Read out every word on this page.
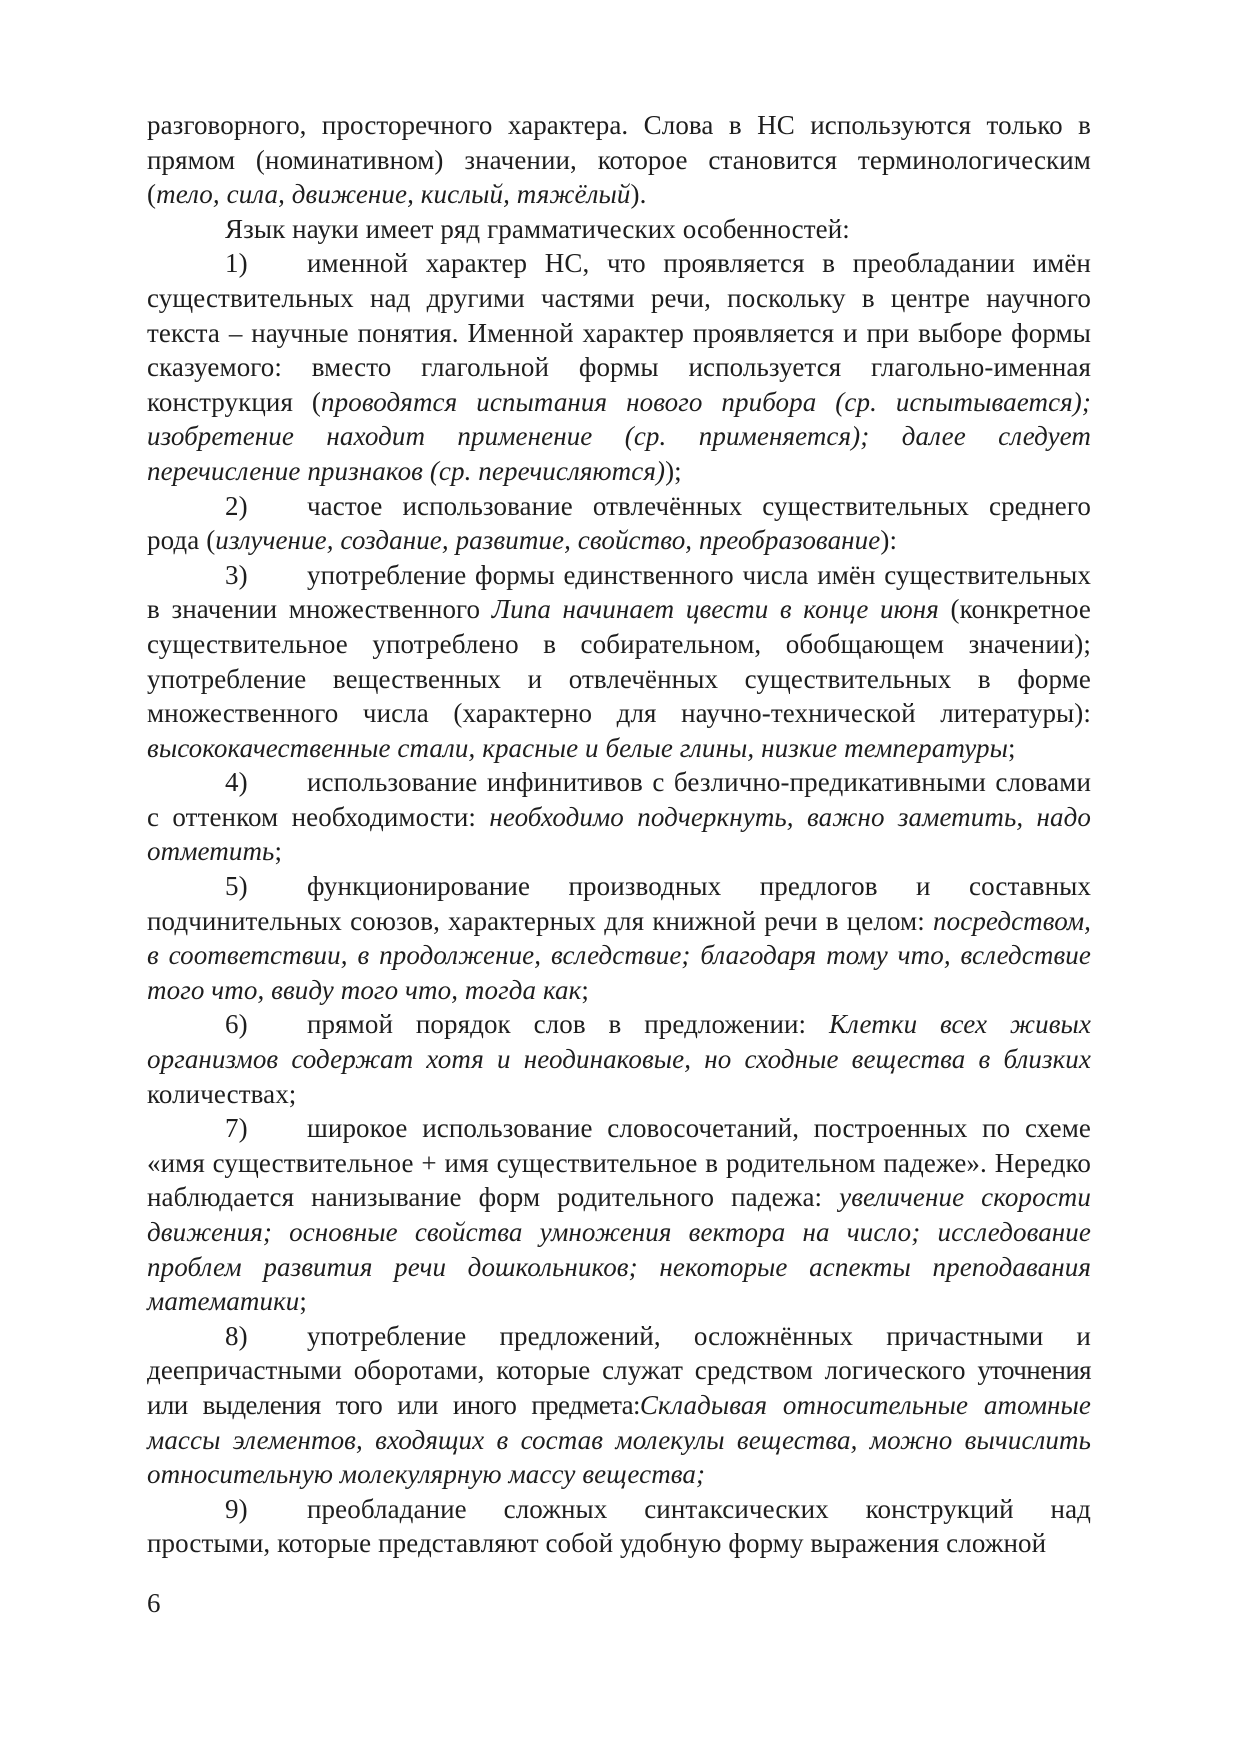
разговорного, просторечного характера. Слова в НС используются только в прямом (номинативном) значении, которое становится терминологическим (тело, сила, движение, кислый, тяжёлый).

Язык науки имеет ряд грамматических особенностей:

1) именной характер НС, что проявляется в преобладании имён существительных над другими частями речи, поскольку в центре научного текста – научные понятия. Именной характер проявляется и при выборе формы сказуемого: вместо глагольной формы используется глагольно-именная конструкция (проводятся испытания нового прибора (ср. испытывается); изобретение находит применение (ср. применяется); далее следует перечисление признаков (ср. перечисляются));

2) частое использование отвлечённых существительных среднего рода (излучение, создание, развитие, свойство, преобразование):

3) употребление формы единственного числа имён существительных в значении множественного Липа начинает цвести в конце июня (конкретное существительное употреблено в собирательном, обобщающем значении); употребление вещественных и отвлечённых существительных в форме множественного числа (характерно для научно-технической литературы): высококачественные стали, красные и белые глины, низкие температуры;

4) использование инфинитивов с безлично-предикативными словами с оттенком необходимости: необходимо подчеркнуть, важно заметить, надо отметить;

5) функционирование производных предлогов и составных подчинительных союзов, характерных для книжной речи в целом: посредством, в соответствии, в продолжение, вследствие; благодаря тому что, вследствие того что, ввиду того что, тогда как;

6) прямой порядок слов в предложении: Клетки всех живых организмов содержат хотя и неодинаковые, но сходные вещества в близких количествах;

7) широкое использование словосочетаний, построенных по схеме «имя существительное + имя существительное в родительном падеже». Нередко наблюдается нанизывание форм родительного падежа: увеличение скорости движения; основные свойства умножения вектора на число; исследование проблем развития речи дошкольников; некоторые аспекты преподавания математики;

8) употребление предложений, осложнённых причастными и деепричастными оборотами, которые служат средством логического уточнения или выделения того или иного предмета:Складывая относительные атомные массы элементов, входящих в состав молекулы вещества, можно вычислить относительную молекулярную массу вещества;

9) преобладание сложных синтаксических конструкций над простыми, которые представляют собой удобную форму выражения сложной

6
